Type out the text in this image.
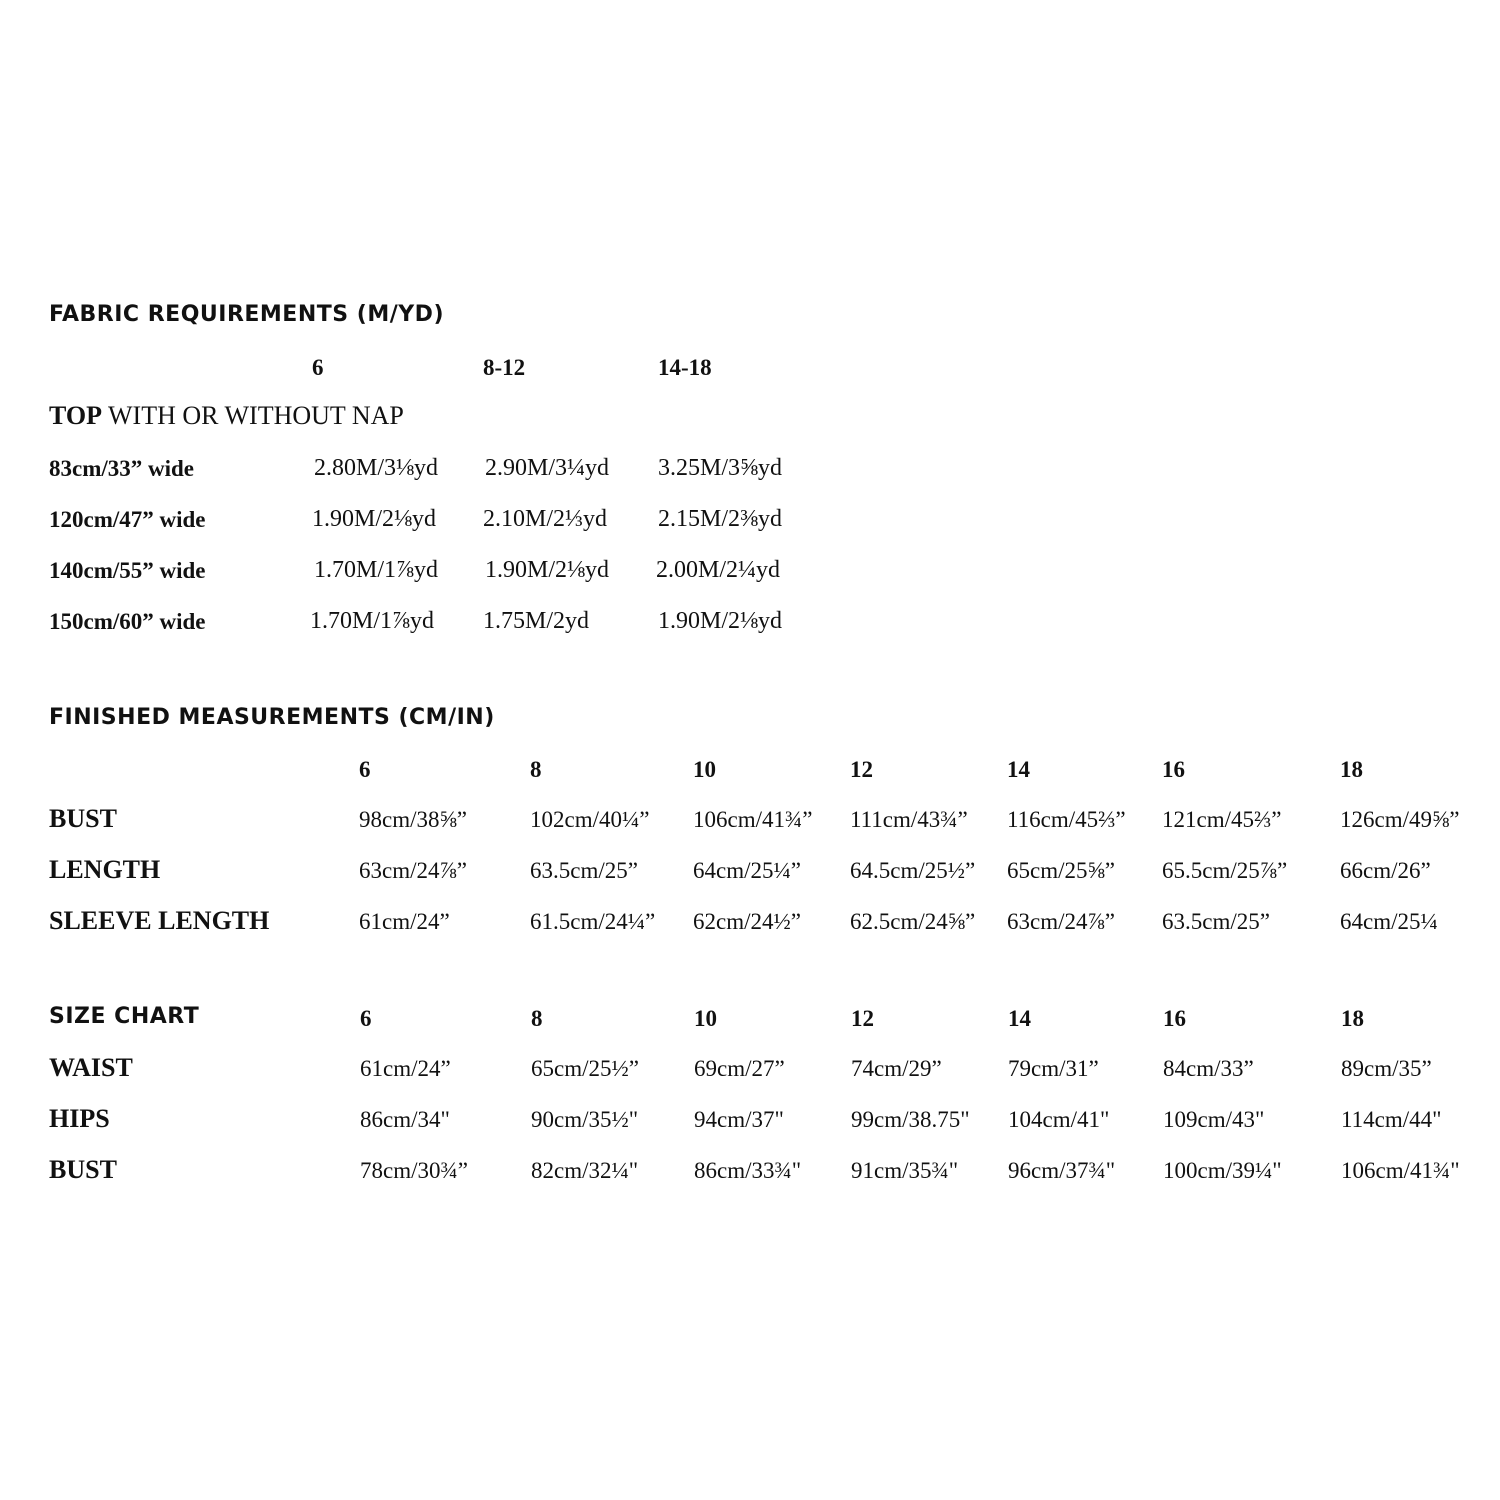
FABRIC REQUIREMENTS (M/YD)
6	8-12	14-18
TOP WITH OR WITHOUT NAP
83cm/33” wide	2.80M/3⅛yd 2.90M/3¼yd 3.25M/3⅝yd
120cm/47” wide	1.90M/2⅛yd 2.10M/2⅓yd 2.15M/2⅜yd
140cm/55” wide	1.70M/1⅞yd 1.90M/2⅛yd 2.00M/2¼yd
150cm/60” wide	1.70M/1⅞yd 1.75M/2yd	1.90M/2⅛yd
FINISHED MEASUREMENTS (CM/IN)
6	8	10	12	14	16	18
BUST	98cm/38⅝”	102cm/40¼” 106cm/41¾” 111cm/43¾” 116cm/45⅔” 121cm/45⅔”	126cm/49⅝”
LENGTH	63cm/24⅞”	63.5cm/25” 64cm/25¼” 64.5cm/25½” 65cm/25⅝” 65.5cm/25⅞” 66cm/26”
SLEEVE LENGTH	61cm/24”	61.5cm/24¼” 62cm/24½” 62.5cm/24⅝” 63cm/24⅞” 63.5cm/25”	64cm/25¼
SIZE CHART	6	8	10	12	14	16	18
WAIST	61cm/24”	65cm/25½” 69cm/27”	74cm/29”	79cm/31”	84cm/33”	89cm/35”
HIPS	86cm/34"	90cm/35½" 94cm/37"	99cm/38.75" 104cm/41" 109cm/43"	114cm/44"
BUST	78cm/30¾”	82cm/32¼" 86cm/33¾" 91cm/35¾" 96cm/37¾" 100cm/39¼"	106cm/41¾"
